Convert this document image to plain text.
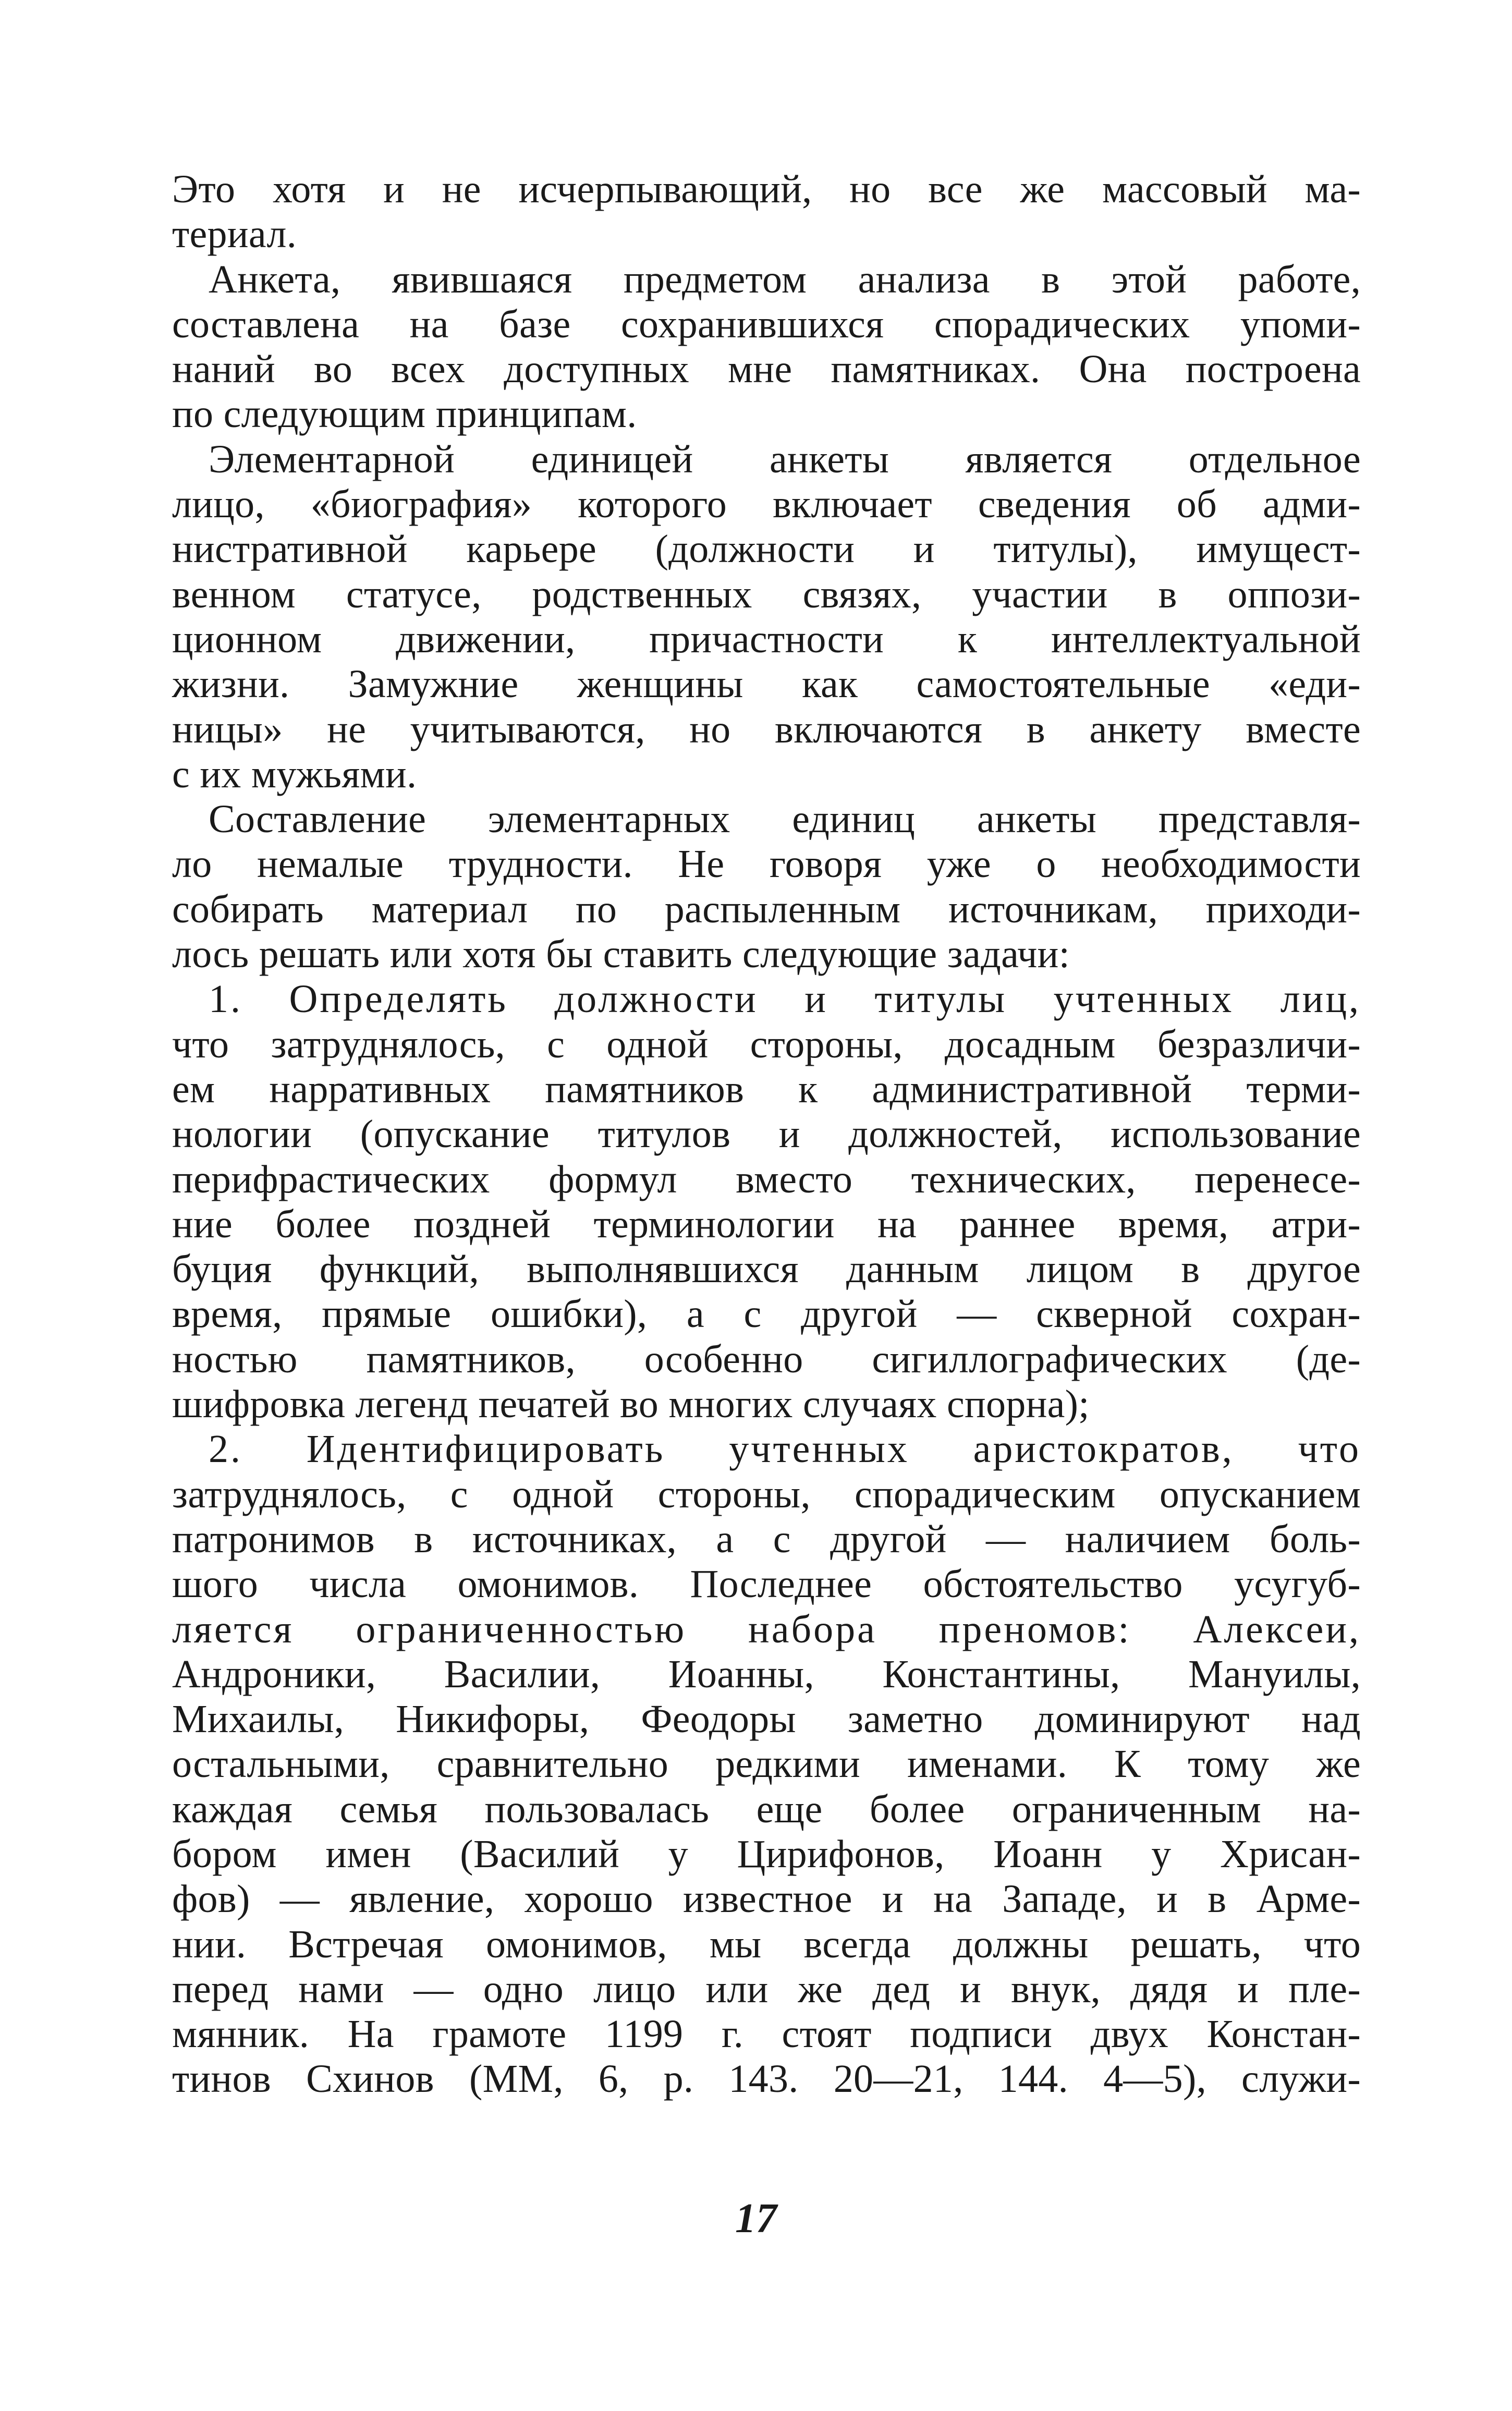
Это хотя и не исчерпывающий, но все же массовый ма-
териал.
Анкета, явившаяся предметом анализа в этой работе,
составлена на базе сохранившихся спорадических упоми-
наний во всех доступных мне памятниках. Она построена
по следующим принципам.
Элементарной единицей анкеты является отдельное
лицо, «биография» которого включает сведения об адми-
нистративной карьере (должности и титулы), имущест-
венном статусе, родственных связях, участии в оппози-
ционном движении, причастности к интеллектуальной
жизни. Замужние женщины как самостоятельные «еди-
ницы» не учитываются, но включаются в анкету вместе
с их мужьями.
Составление элементарных единиц анкеты представля-
ло немалые трудности. Не говоря уже о необходимости
собирать материал по распыленным источникам, приходи-
лось решать или хотя бы ставить следующие задачи:
1. Определять должности и титулы учтенных лиц,
что затруднялось, с одной стороны, досадным безразличи-
ем нарративных памятников к административной терми-
нологии (опускание титулов и должностей, использование
перифрастических формул вместо технических, перенесе-
ние более поздней терминологии на раннее время, атри-
буция функций, выполнявшихся данным лицом в другое
время, прямые ошибки), а с другой — скверной сохран-
ностью памятников, особенно сигиллографических (де-
шифровка легенд печатей во многих случаях спорна);
2. Идентифицировать учтенных аристократов, что
затруднялось, с одной стороны, спорадическим опусканием
патронимов в источниках, а с другой — наличием боль-
шого числа омонимов. Последнее обстоятельство усугуб-
ляется ограниченностью набора преномов: Алексеи,
Андроники, Василии, Иоанны, Константины, Мануилы,
Михаилы, Никифоры, Феодоры заметно доминируют над
остальными, сравнительно редкими именами. К тому же
каждая семья пользовалась еще более ограниченным на-
бором имен (Василий у Цирифонов, Иоанн у Хрисан-
фов) — явление, хорошо известное и на Западе, и в Арме-
нии. Встречая омонимов, мы всегда должны решать, что
перед нами — одно лицо или же дед и внук, дядя и пле-
мянник. На грамоте 1199 г. стоят подписи двух Констан-
тинов Схинов (ММ, 6, р. 143. 20—21, 144. 4—5), служи-
17
